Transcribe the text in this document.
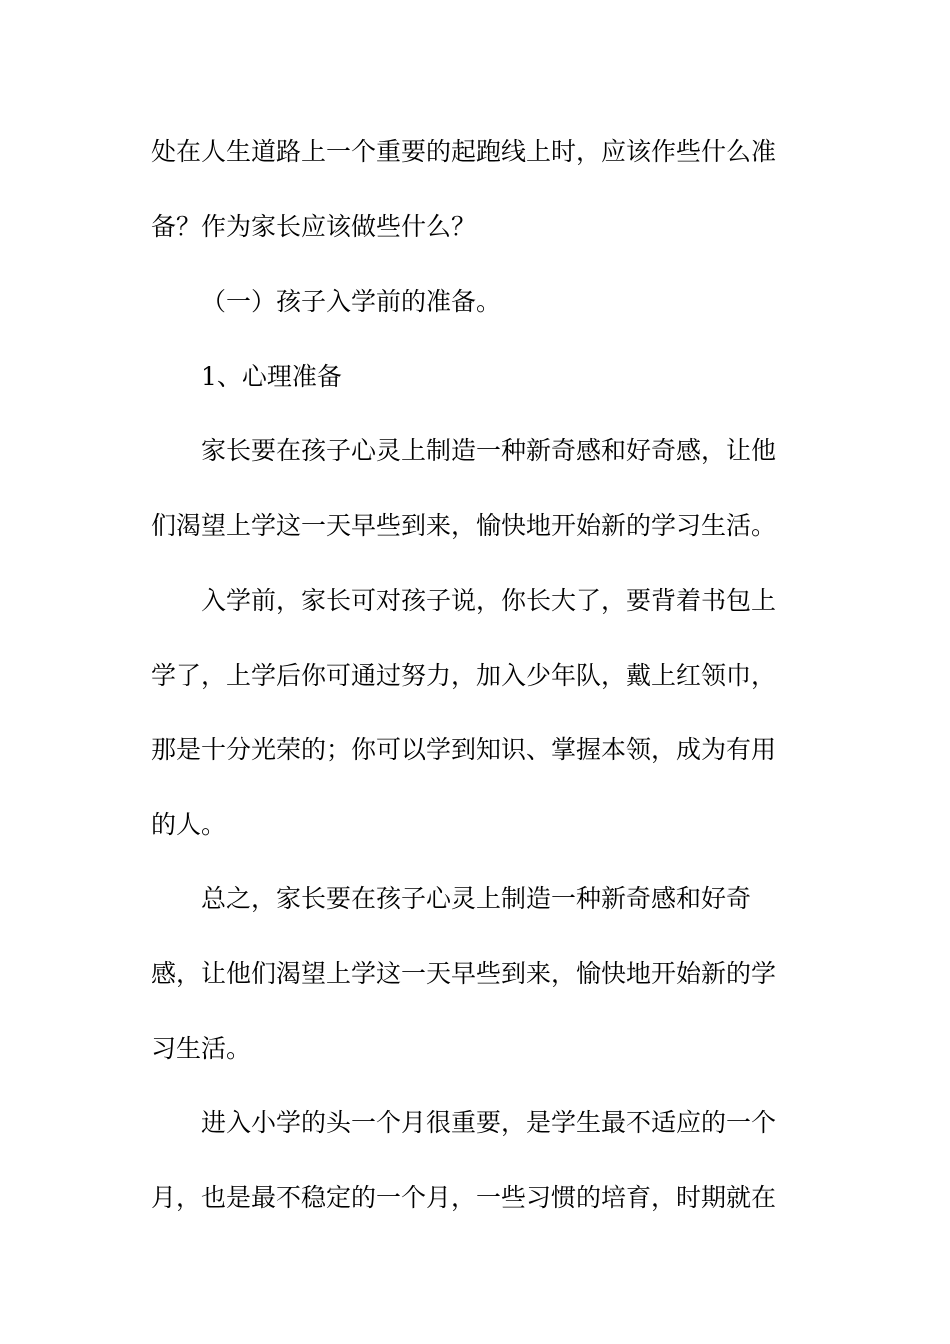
处在人生道路上一个重要的起跑线上时，应该作些什么准
备？作为家长应该做些什么？
（一）孩子入学前的准备。
1、心理准备
家长要在孩子心灵上制造一种新奇感和好奇感，让他
们渴望上学这一天早些到来，愉快地开始新的学习生活。
入学前，家长可对孩子说，你长大了，要背着书包上
学了，上学后你可通过努力，加入少年队，戴上红领巾，
那是十分光荣的；你可以学到知识、掌握本领，成为有用
的人。
总之，家长要在孩子心灵上制造一种新奇感和好奇
感，让他们渴望上学这一天早些到来，愉快地开始新的学
习生活。
进入小学的头一个月很重要，是学生最不适应的一个
月，也是最不稳定的一个月，一些习惯的培育，时期就在
